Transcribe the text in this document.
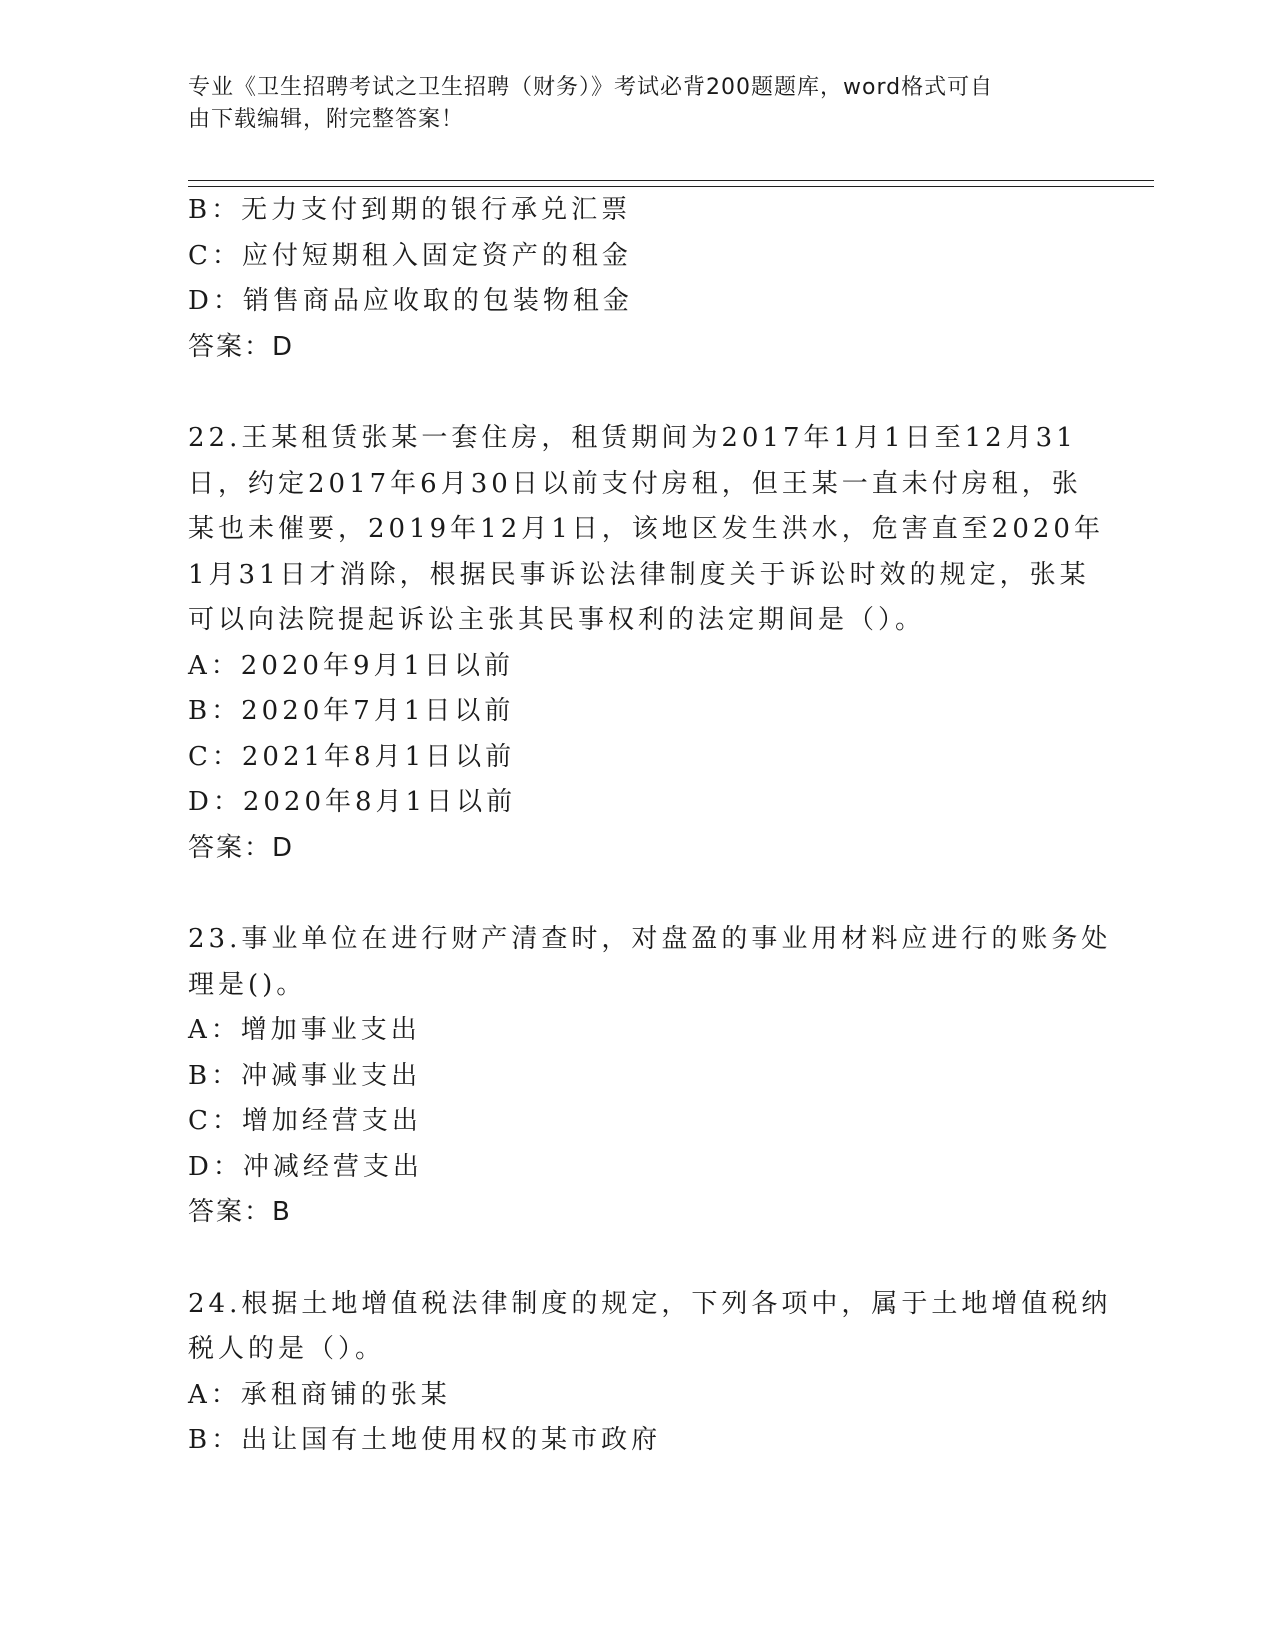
专业《卫生招聘考试之卫生招聘（财务）》考试必背200题题库，word格式可自
由下载编辑，附完整答案！
B：无力支付到期的银行承兑汇票
C：应付短期租入固定资产的租金
D：销售商品应收取的包装物租金
答案：D
22.王某租赁张某一套住房，租赁期间为2017年1月1日至12月31
日，约定2017年6月30日以前支付房租，但王某一直未付房租，张
某也未催要，2019年12月1日，该地区发生洪水，危害直至2020年
1月31日才消除，根据民事诉讼法律制度关于诉讼时效的规定，张某
可以向法院提起诉讼主张其民事权利的法定期间是（）。
A：2020年9月1日以前
B：2020年7月1日以前
C：2021年8月1日以前
D：2020年8月1日以前
答案：D
23.事业单位在进行财产清查时，对盘盈的事业用材料应进行的账务处
理是()。
A：增加事业支出
B：冲减事业支出
C：增加经营支出
D：冲减经营支出
答案：B
24.根据土地增值税法律制度的规定，下列各项中，属于土地增值税纳
税人的是（）。
A：承租商铺的张某
B：出让国有土地使用权的某市政府
